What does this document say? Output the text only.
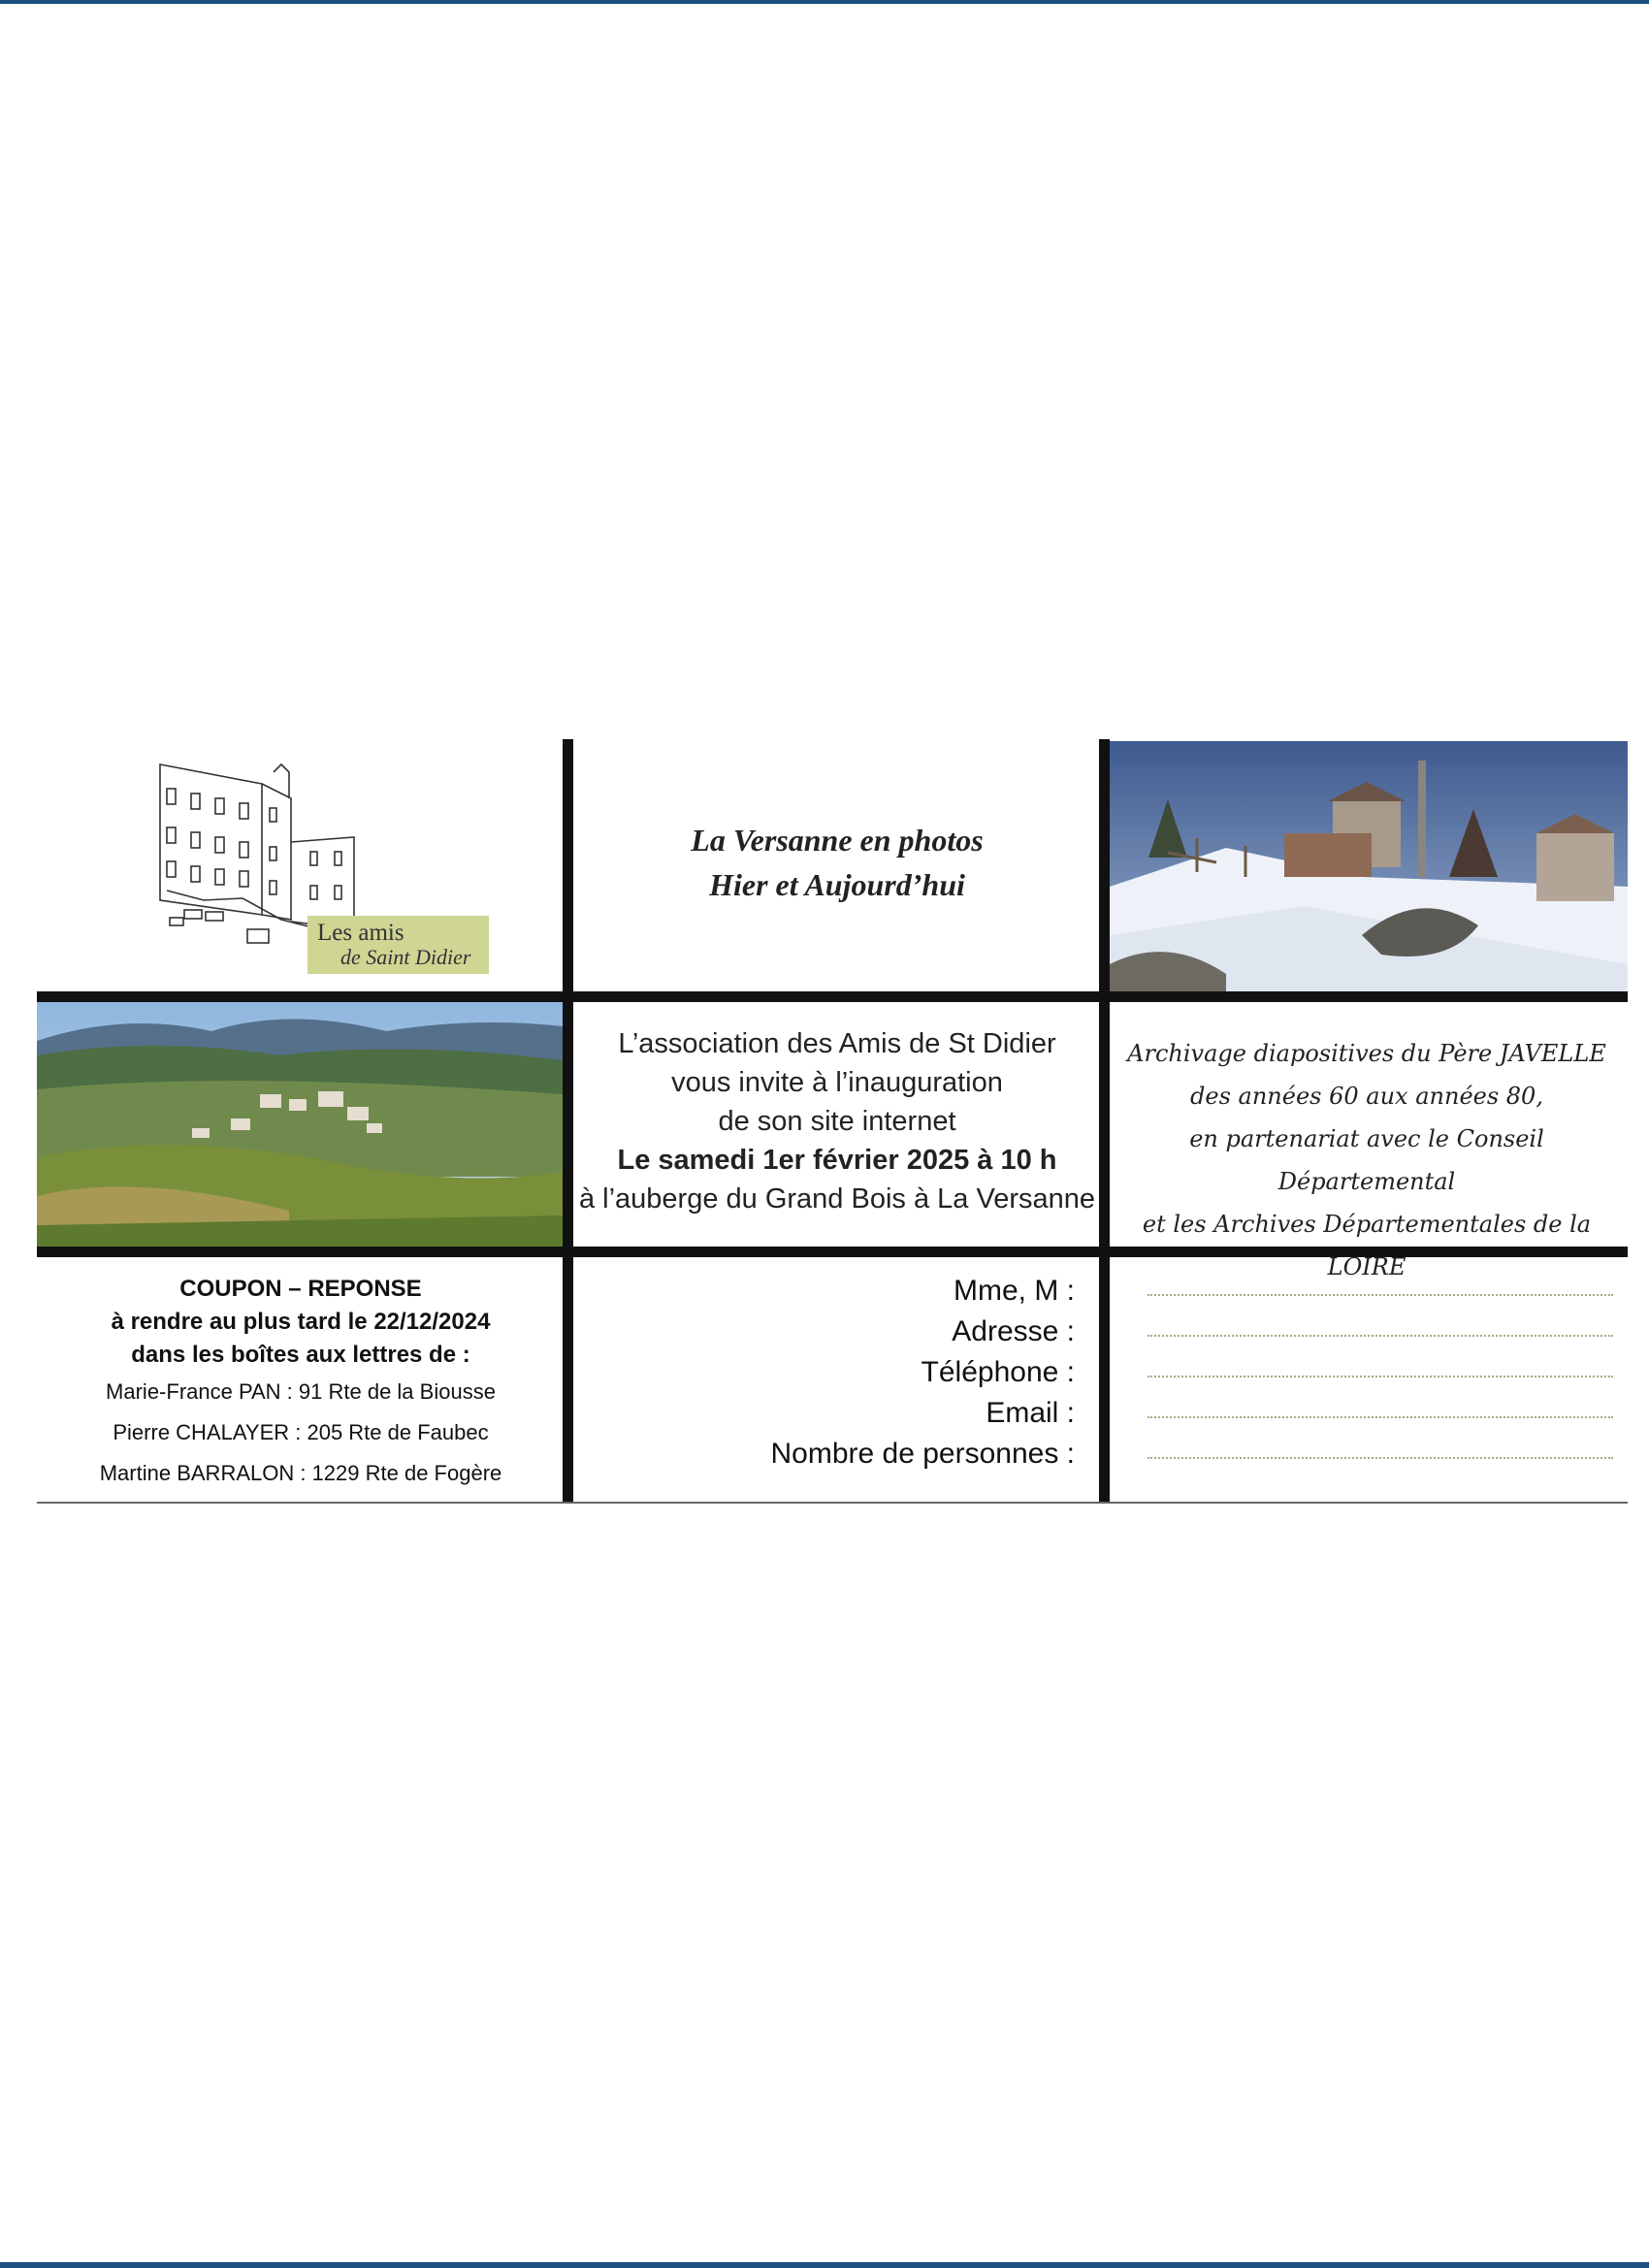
Les amis
de Saint Didier
La Versanne en photos
Hier et Aujourd’hui
L’association des Amis de St Didier
vous invite à l’inauguration
de son site internet
Le samedi 1er février 2025 à 10 h
à l’auberge du Grand Bois à La Versanne
Archivage diapositives du Père JAVELLE
des années 60 aux années 80,
en partenariat avec le Conseil Départemental
et les Archives Départementales de la LOIRE
COUPON – REPONSE
à rendre au plus tard le 22/12/2024
dans les boîtes aux lettres de :
Marie-France PAN : 91 Rte de la Biousse
Pierre CHALAYER : 205 Rte de Faubec
Martine BARRALON : 1229 Rte de Fogère
Mme, M :
Adresse :
Téléphone :
Email :
Nombre de personnes :
